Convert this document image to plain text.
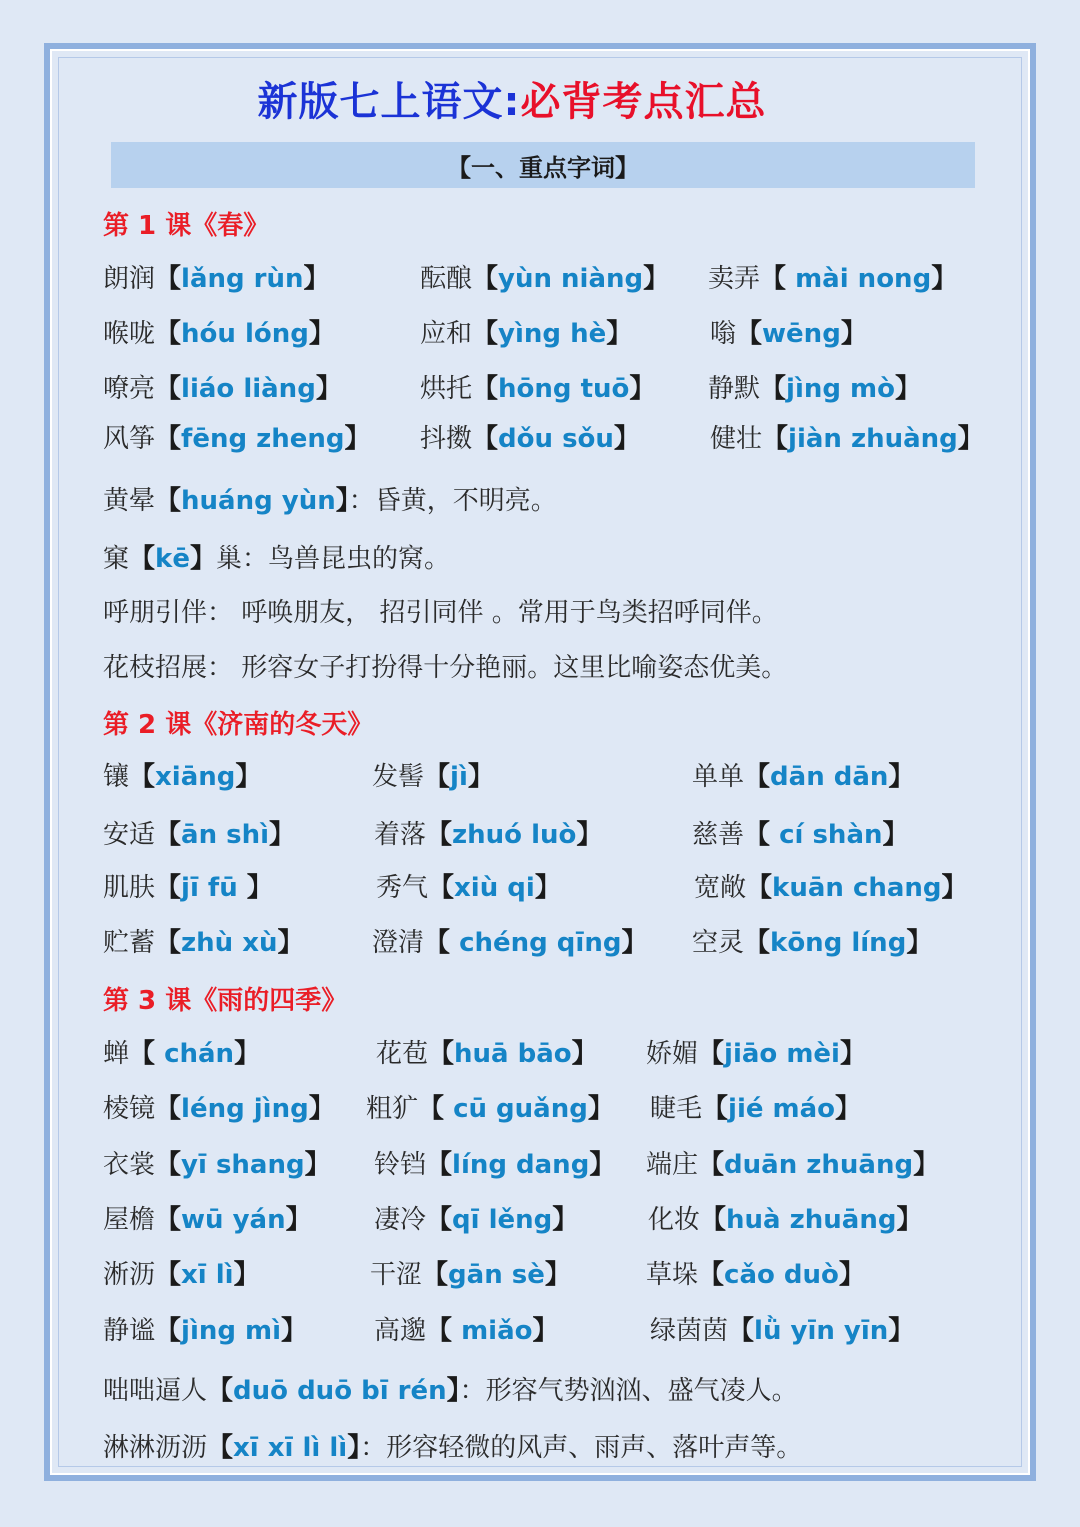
新版七上语文:必背考点汇总
【一、重点字词】
第 1 课《春》
朗润【lǎng rùn】	酝酿【yùn niàng】 卖弄【 mài nong】
喉咙【hóu lóng】	应和【yìng hè】	嗡【wēng】
嘹亮【liáo liàng】	烘托【hōng tuō】 静默【jìng mò】
风筝【fēng zheng】 抖擞【dǒu sǒu】	健壮【jiàn zhuàng】
黄晕【huáng yùn】：昏黄，不明亮。
窠【kē】巢：鸟兽昆虫的窝。
呼朋引伴： 呼唤朋友， 招引同伴 。常用于鸟类招呼同伴。
花枝招展： 形容女子打扮得十分艳丽。这里比喻姿态优美。
第 2 课《济南的冬天》
镶【xiāng】	发髻【jì】	单单【dān dān】
安适【ān shì】	着落【zhuó luò】	慈善【 cí shàn】
肌肤【jī fū 】	秀气【xiù qi】	宽敞【kuān chang】
贮蓄【zhù xù】	澄清【 chéng qīng】 空灵【kōng líng】
第 3 课《雨的四季》
蝉【 chán】	花苞【huā bāo】 娇媚【jiāo mèi】
棱镜【léng jìng】 粗犷【 cū guǎng】 睫毛【jié máo】
衣裳【yī shang】 铃铛【líng dang】 端庄【duān zhuāng】
屋檐【wū yán】 凄冷【qī lěng】	化妆【huà zhuāng】
淅沥【xī lì】	干涩【gān sè】	草垛【cǎo duò】
静谧【jìng mì】	高邈【 miǎo】	绿茵茵【lǜ yīn yīn】
咄咄逼人【duō duō bī rén】：形容气势汹汹、盛气凌人。
淋淋沥沥【xī xī lì lì】：形容轻微的风声、雨声、落叶声等。
